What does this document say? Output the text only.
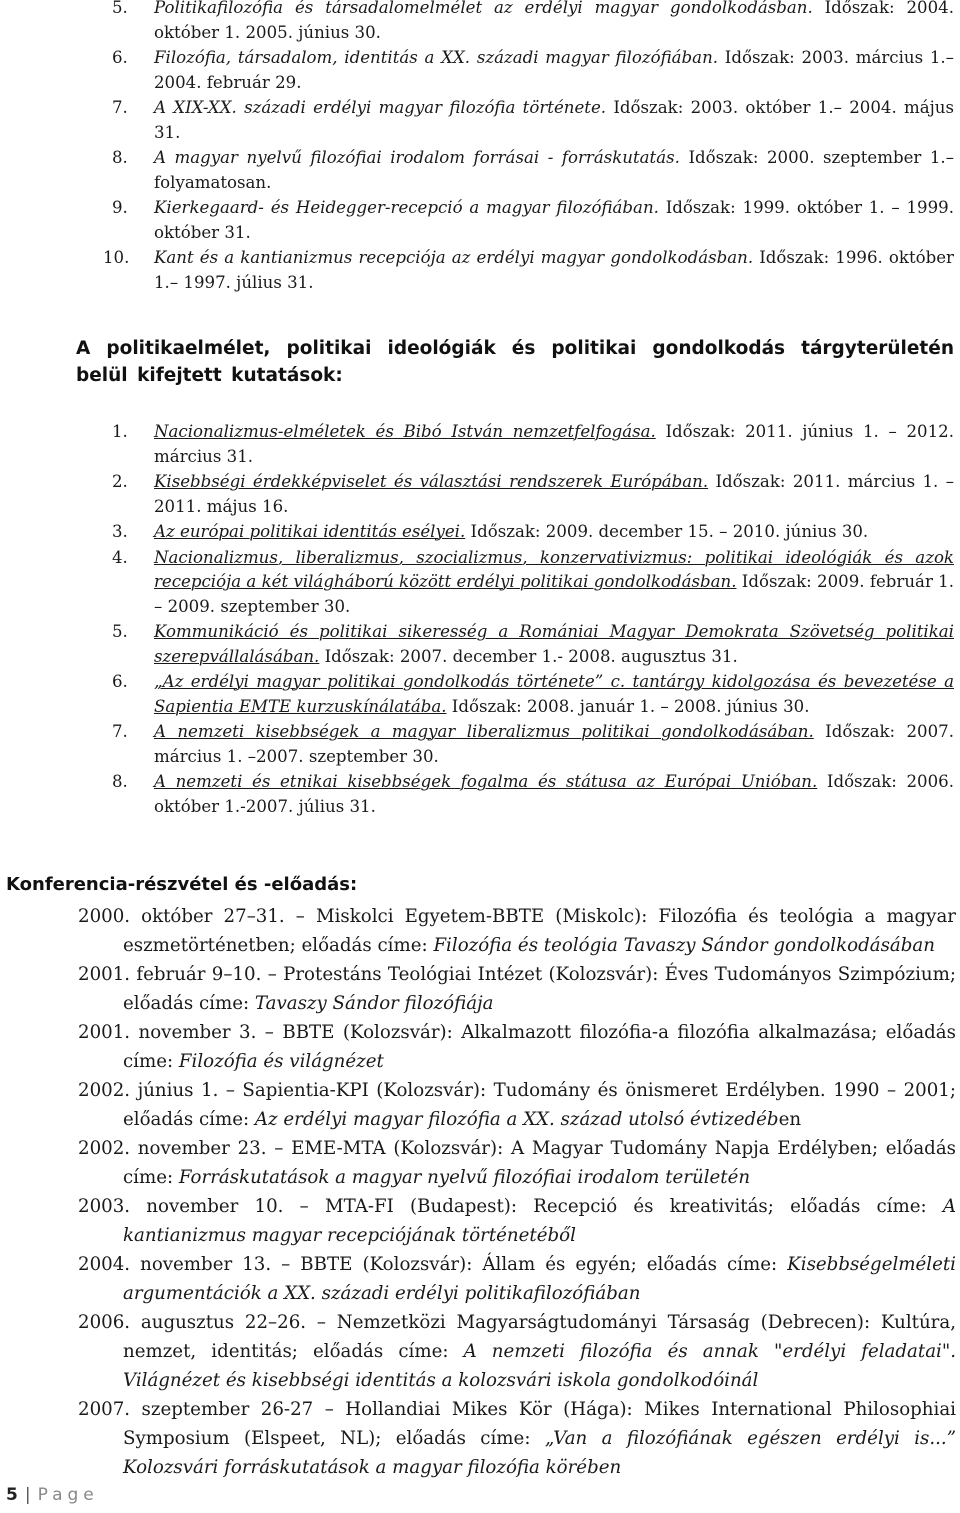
5. Politikafilozófia és társadalomelmélet az erdélyi magyar gondolkodásban. Időszak: 2004. október 1. 2005. június 30.
6. Filozófia, társadalom, identitás a XX. századi magyar filozófiában. Időszak: 2003. március 1.– 2004. február 29.
7. A XIX-XX. századi erdélyi magyar filozófia története. Időszak: 2003. október 1.– 2004. május 31.
8. A magyar nyelvű filozófiai irodalom forrásai - forráskutatás. Időszak: 2000. szeptember 1.– folyamatosan.
9. Kierkegaard- és Heidegger-recepció a magyar filozófiában. Időszak: 1999. október 1. – 1999. október 31.
10. Kant és a kantianizmus recepciója az erdélyi magyar gondolkodásban. Időszak: 1996. október 1.– 1997. július 31.
A politikaelmélet, politikai ideológiák és politikai gondolkodás tárgyterületén belül kifejtett kutatások:
1. Nacionalizmus-elméletek és Bibó István nemzetfelfogása. Időszak: 2011. június 1. – 2012. március 31.
2. Kisebbségi érdekképviselet és választási rendszerek Európában. Időszak: 2011. március 1. – 2011. május 16.
3. Az európai politikai identitás esélyei. Időszak: 2009. december 15. – 2010. június 30.
4. Nacionalizmus, liberalizmus, szocializmus, konzervativizmus: politikai ideológiák és azok recepciója a két világháború között erdélyi politikai gondolkodásban. Időszak: 2009. február 1. – 2009. szeptember 30.
5. Kommunikáció és politikai sikeresség a Romániai Magyar Demokrata Szövetség politikai szerepvállalásában. Időszak: 2007. december 1.- 2008. augusztus 31.
6. „Az erdélyi magyar politikai gondolkodás története” c. tantárgy kidolgozása és bevezetése a Sapientia EMTE kurzuskínálatába. Időszak: 2008. január 1. – 2008. június 30.
7. A nemzeti kisebbségek a magyar liberalizmus politikai gondolkodásában. Időszak: 2007. március 1. –2007. szeptember 30.
8. A nemzeti és etnikai kisebbségek fogalma és státusa az Európai Unióban. Időszak: 2006. október 1.-2007. július 31.
Konferencia-részvétel és -előadás:
2000. október 27–31. – Miskolci Egyetem-BBTE (Miskolc): Filozófia és teológia a magyar eszmetörténetben; előadás címe: Filozófia és teológia Tavaszy Sándor gondolkodásában
2001. február 9–10. – Protestáns Teológiai Intézet (Kolozsvár): Éves Tudományos Szimpózium; előadás címe: Tavaszy Sándor filozófiája
2001. november 3. – BBTE (Kolozsvár): Alkalmazott filozófia-a filozófia alkalmazása; előadás címe: Filozófia és világnézet
2002. június 1. – Sapientia-KPI (Kolozsvár): Tudomány és önismeret Erdélyben. 1990 – 2001; előadás címe: Az erdélyi magyar filozófia a XX. század utolsó évtizedében
2002. november 23. – EME-MTA (Kolozsvár): A Magyar Tudomány Napja Erdélyben; előadás címe: Forráskutatások a magyar nyelvű filozófiai irodalom területén
2003. november 10. – MTA-FI (Budapest): Recepció és kreativitás; előadás címe: A kantianizmus magyar recepciójának történetéből
2004. november 13. – BBTE (Kolozsvár): Állam és egyén; előadás címe: Kisebbségelméleti argumentációk a XX. századi erdélyi politikafilozófiában
2006. augusztus 22–26. – Nemzetközi Magyarságtudományi Társaság (Debrecen): Kultúra, nemzet, identitás; előadás címe: A nemzeti filozófia és annak "erdélyi feladatai". Világnézet és kisebbségi identitás a kolozsvári iskola gondolkodóinál
2007. szeptember 26-27 – Hollandiai Mikes Kör (Hága): Mikes International Philosophiai Symposium (Elspeet, NL); előadás címe: „Van a filozófiának egészen erdélyi is...” Kolozsvári forráskutatások a magyar filozófia körében
5 | Page
